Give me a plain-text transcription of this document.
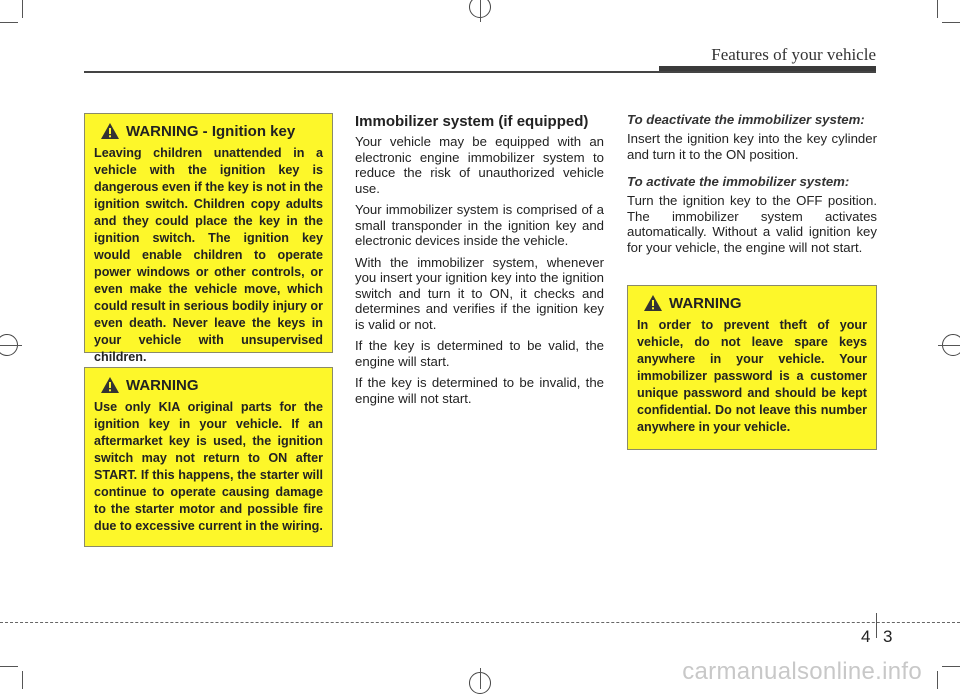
Features of your vehicle
WARNING - Ignition key
Leaving children unattended in a vehicle with the ignition key is dangerous even if the key is not in the ignition switch. Children copy adults and they could place the key in the ignition switch. The ignition key would enable children to operate power windows or other controls, or even make the vehicle move, which could result in serious bodily injury or even death. Never leave the keys in your vehicle with unsupervised children.
WARNING
Use only KIA original parts for the ignition key in your vehicle. If an aftermarket key is used, the ignition switch may not return to ON after START. If this happens, the starter will continue to operate causing damage to the starter motor and possible fire due to excessive current in the wiring.
Immobilizer system (if equipped)

Your vehicle may be equipped with an electronic engine immobilizer system to reduce the risk of unauthorized vehicle use.

Your immobilizer system is comprised of a small transponder in the ignition key and electronic devices inside the vehicle.

With the immobilizer system, whenever you insert your ignition key into the ignition switch and turn it to ON, it checks and determines and verifies if the ignition key is valid or not.

If the key is determined to be valid, the engine will start.

If the key is determined to be invalid, the engine will not start.

To deactivate the immobilizer system:

Insert the ignition key into the key cylinder and turn it to the ON position.

To activate the immobilizer system:

Turn the ignition key to the OFF position. The immobilizer system activates automatically. Without a valid ignition key for your vehicle, the engine will not start.

WARNING
In order to prevent theft of your vehicle, do not leave spare keys anywhere in your vehicle. Your immobilizer password is a customer unique password and should be kept confidential. Do not leave this number anywhere in your vehicle.
4 3
carmanualsonline.info
